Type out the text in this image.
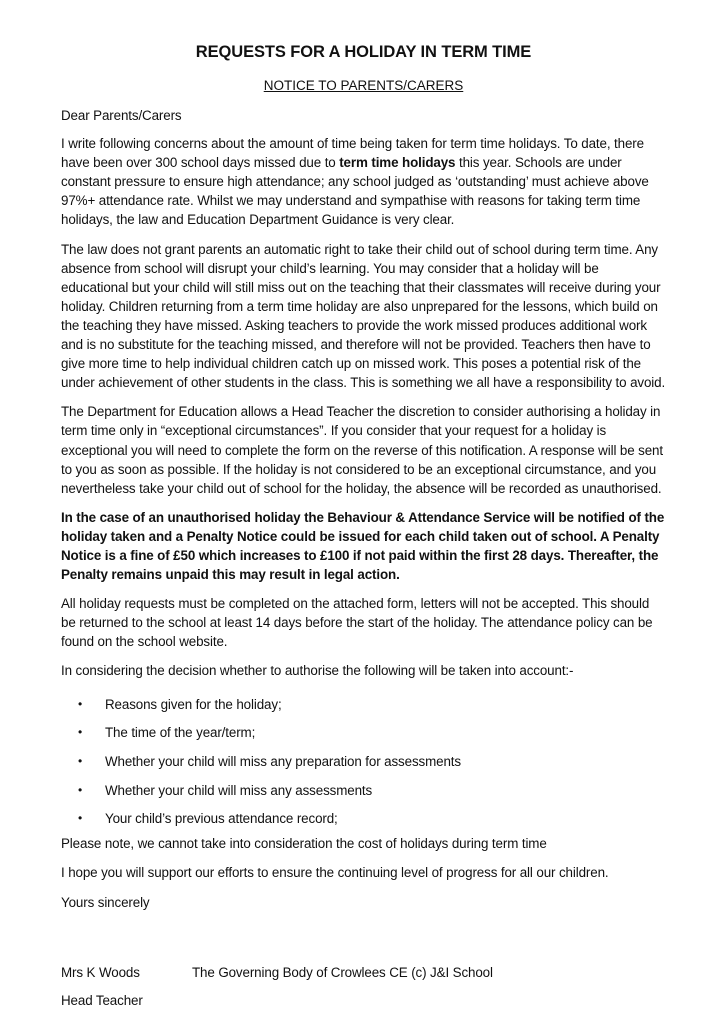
REQUESTS FOR A HOLIDAY IN TERM TIME
NOTICE TO PARENTS/CARERS

Dear Parents/Carers

I write following concerns about the amount of time being taken for term time holidays. To date, there have been over 300 school days missed due to term time holidays this year. Schools are under constant pressure to ensure high attendance; any school judged as ‘outstanding’ must achieve above 97%+ attendance rate. Whilst we may understand and sympathise with reasons for taking term time holidays, the law and Education Department Guidance is very clear.

The law does not grant parents an automatic right to take their child out of school during term time. Any absence from school will disrupt your child’s learning. You may consider that a holiday will be educational but your child will still miss out on the teaching that their classmates will receive during your holiday. Children returning from a term time holiday are also unprepared for the lessons, which build on the teaching they have missed. Asking teachers to provide the work missed produces additional work and is no substitute for the teaching missed, and therefore will not be provided. Teachers then have to give more time to help individual children catch up on missed work. This poses a potential risk of the under achievement of other students in the class. This is something we all have a responsibility to avoid.

The Department for Education allows a Head Teacher the discretion to consider authorising a holiday in term time only in “exceptional circumstances”. If you consider that your request for a holiday is exceptional you will need to complete the form on the reverse of this notification. A response will be sent to you as soon as possible. If the holiday is not considered to be an exceptional circumstance, and you nevertheless take your child out of school for the holiday, the absence will be recorded as unauthorised.

In the case of an unauthorised holiday the Behaviour & Attendance Service will be notified of the holiday taken and a Penalty Notice could be issued for each child taken out of school. A Penalty Notice is a fine of £50 which increases to £100 if not paid within the first 28 days. Thereafter, the Penalty remains unpaid this may result in legal action.

All holiday requests must be completed on the attached form, letters will not be accepted. This should be returned to the school at least 14 days before the start of the holiday. The attendance policy can be found on the school website.

In considering the decision whether to authorise the following will be taken into account:-

• Reasons given for the holiday;
• The time of the year/term;
• Whether your child will miss any preparation for assessments
• Whether your child will miss any assessments
• Your child’s previous attendance record;

Please note, we cannot take into consideration the cost of holidays during term time

I hope you will support our efforts to ensure the continuing level of progress for all our children.

Yours sincerely

Mrs K Woods	The Governing Body of Crowlees CE (c) J&I School
Head Teacher
